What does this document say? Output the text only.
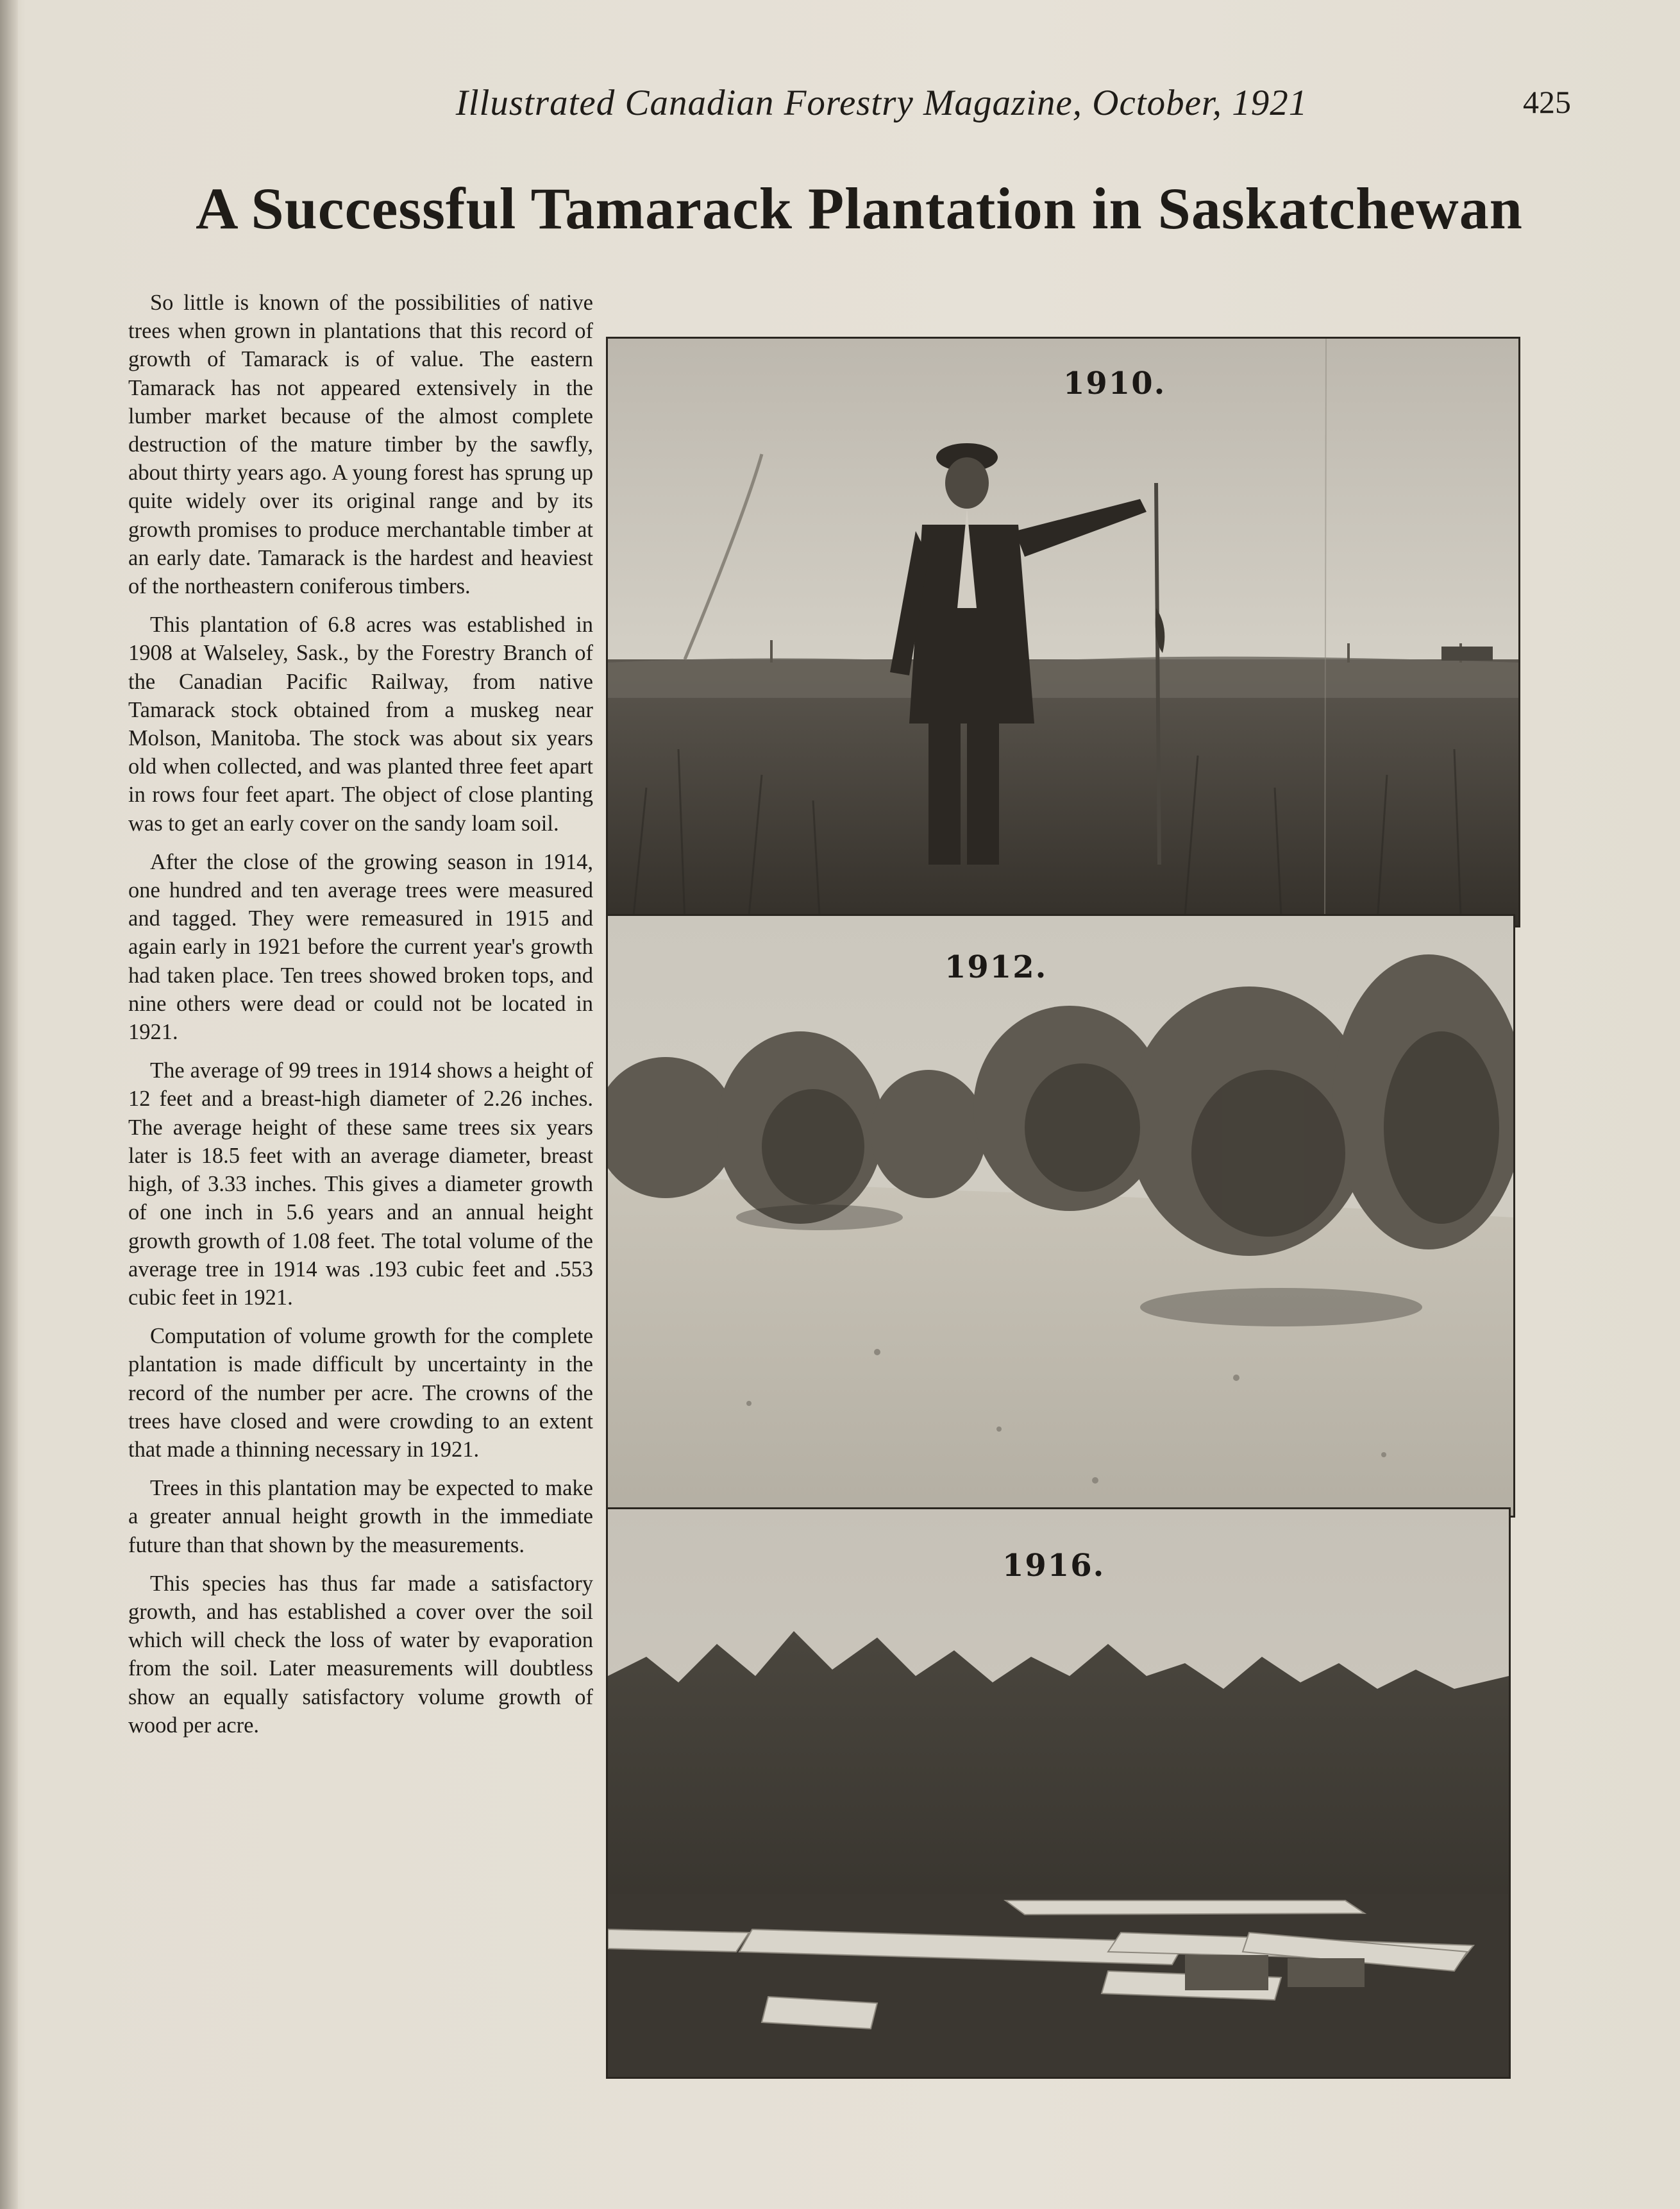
Illustrated Canadian Forestry Magazine, October, 1921	425
A Successful Tamarack Plantation in Saskatchewan

So little is known of the possibilities of native trees when grown in plantations that this record of growth of Tamarack is of value. The eastern Tamarack has not appeared extensively in the lumber market because of the almost complete destruction of the mature timber by the sawfly, about thirty years ago. A young forest has sprung up quite widely over its original range and by its growth promises to produce merchantable timber at an early date. Tamarack is the hardest and heaviest of the northeastern coniferous timbers.

This plantation of 6.8 acres was established in 1908 at Walseley, Sask., by the Forestry Branch of the Canadian Pacific Railway, from native Tamarack stock obtained from a muskeg near Molson, Manitoba. The stock was about six years old when collected, and was planted three feet apart in rows four feet apart. The object of close planting was to get an early cover on the sandy loam soil.

After the close of the growing season in 1914, one hundred and ten average trees were measured and tagged. They were remeasured in 1915 and again early in 1921 before the current year's growth had taken place. Ten trees showed broken tops, and nine others were dead or could not be located in 1921.

The average of 99 trees in 1914 shows a height of 12 feet and a breast-high diameter of 2.26 inches. The average height of these same trees six years later is 18.5 feet with an average diameter, breast high, of 3.33 inches. This gives a diameter growth of one inch in 5.6 years and an annual height growth growth of 1.08 feet. The total volume of the average tree in 1914 was .193 cubic feet and .553 cubic feet in 1921.

Computation of volume growth for the complete plantation is made difficult by uncertainty in the record of the number per acre. The crowns of the trees have closed and were crowding to an extent that made a thinning necessary in 1921.

Trees in this plantation may be expected to make a greater annual height growth in the immediate future than that shown by the measurements.

This species has thus far made a satisfactory growth, and has established a cover over the soil which will check the loss of water by evaporation from the soil. Later measurements will doubtless show an equally satisfactory volume growth of wood per acre.

1910.
1912.
1916.
